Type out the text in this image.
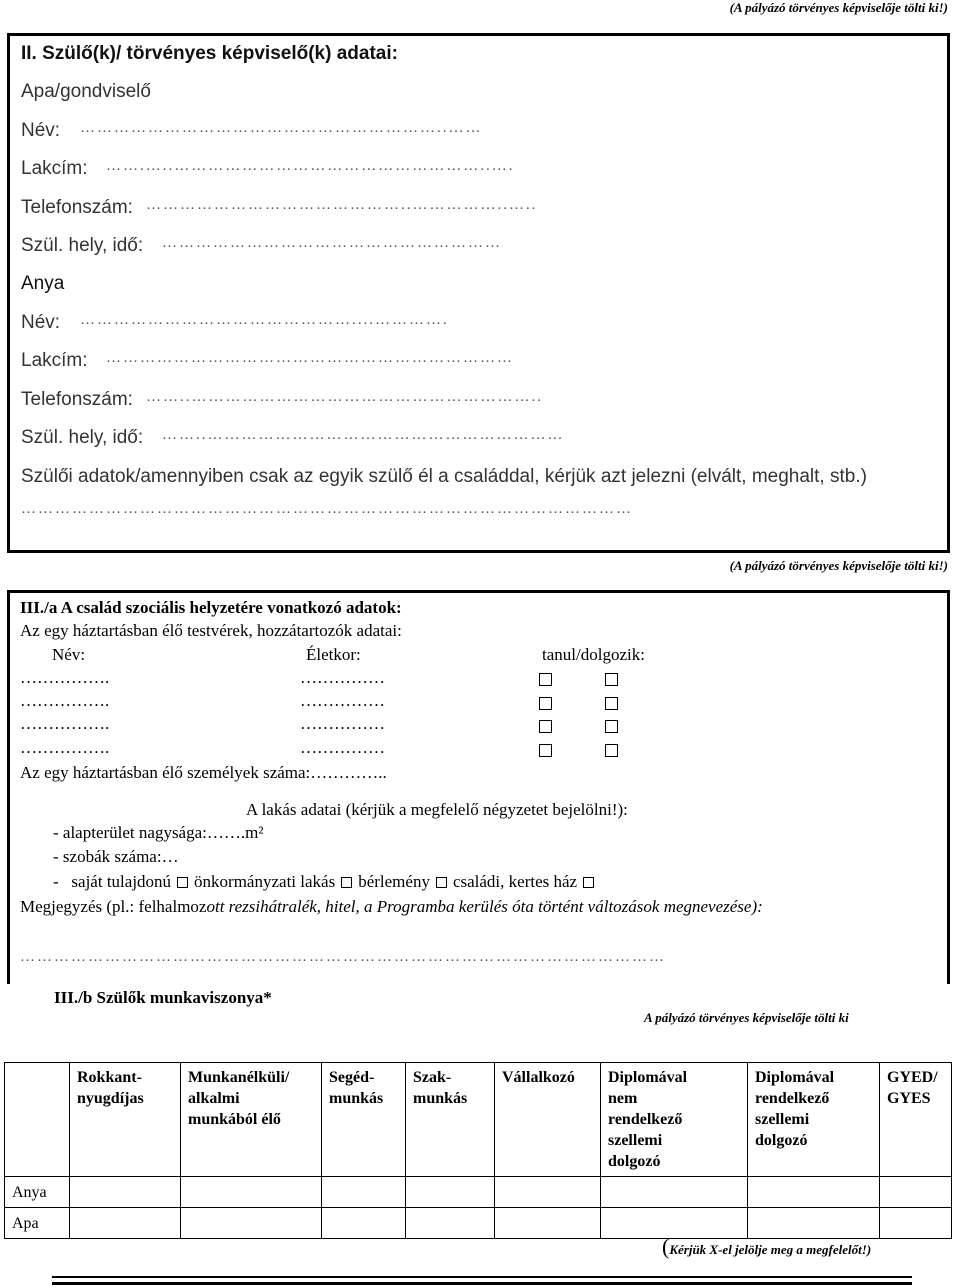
(A pályázó törvényes képviselője tölti ki!)
II. Szülő(k)/ törvényes képviselő(k) adatai:
Apa/gondviselő
Név: ………………………………………………………..……
Lakcím: …….…..………………………………………………..….
Telefonszám: ………………………………………..……………..…..
Szül. hely, idő: ……………………………………………………
Anya
Név: …………………………………………....………….
Lakcím: ………………………………………………………………
Telefonszám: ……..……………………………………………………..
Szül. hely, idő: ……..………………………………………………………
Szülői adatok/amennyiben csak az egyik szülő él a családdal, kérjük azt jelezni (elvált, meghalt, stb.)
………………………………………………………………………………………………
(A pályázó törvényes képviselője tölti ki!)
III./a A család szociális helyzetére vonatkozó adatok:
Az egy háztartásban élő testvérek, hozzátartozók adatai:
Név:	Életkor:	tanul/dolgozik:
…………….	……………
…………….	……………
…………….	……………
…………….	……………
Az egy háztartásban élő személyek száma:…………..
A lakás adatai (kérjük a megfelelő négyzetet bejelölni!):
- alapterület nagysága:…….m²
- szobák száma:…
-   saját tulajdonú önkormányzati lakás bérlemény családi, kertes ház
Megjegyzés (pl.: felhalmozott rezsihátralék, hitel, a Programba kerülés óta történt változások megnevezése):
……………………………………………………………………………………………………
III./b Szülők munkaviszonya*
A pályázó törvényes képviselője tölti ki
	Rokkant-
nyugdíjas	Munkanélküli/
alkalmi
munkából élő	Segéd-
munkás	Szak-
munkás	Vállalkozó	Diplomával
nem
rendelkező
szellemi
dolgozó	Diplomával
rendelkező
szellemi
dolgozó	GYED/
GYES
Anya								
Apa								
(Kérjük X-el jelölje meg a megfelelőt!)
